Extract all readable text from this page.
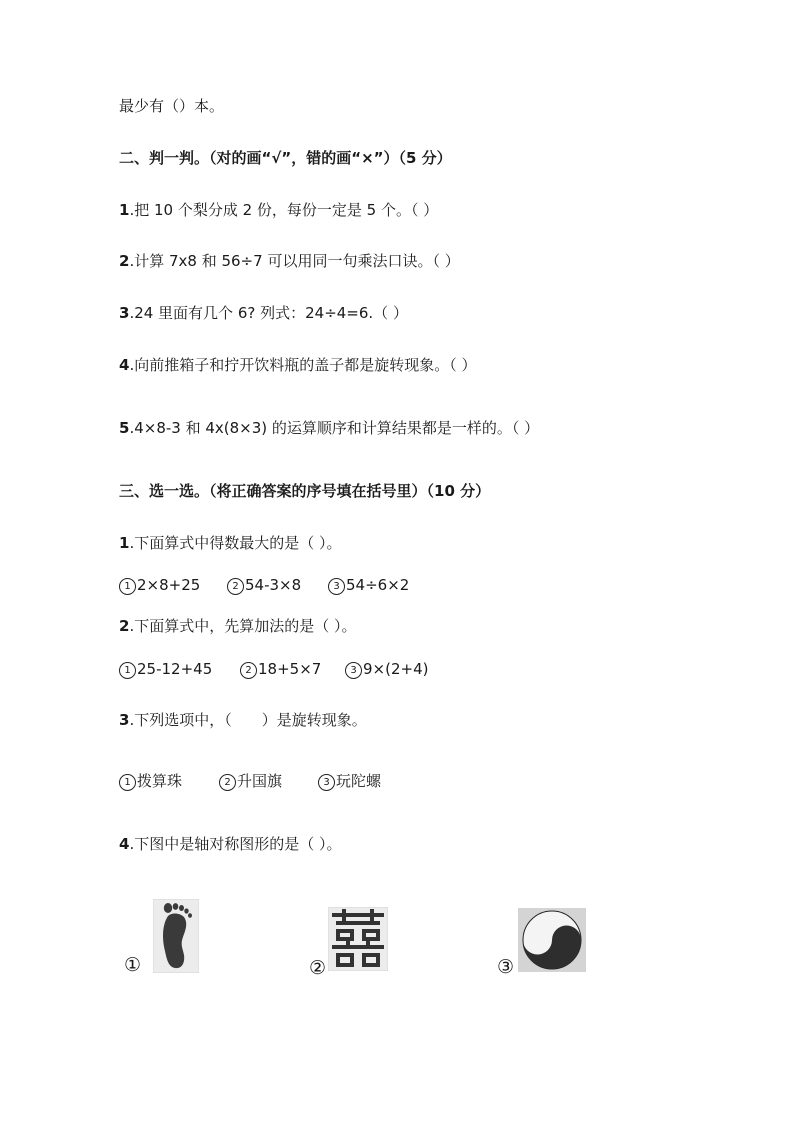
最少有（）本。
二、判一判。（对的画“√”，错的画“×”）（5 分）
1.把 10 个梨分成 2 份，每份一定是 5 个。（ ）
2.计算 7x8 和 56÷7 可以用同一句乘法口诀。（ ）
3.24 里面有几个 6? 列式：24÷4=6.（ ）
4.向前推箱子和拧开饮料瓶的盖子都是旋转现象。（ ）
5.4×8-3 和 4x(8×3) 的运算顺序和计算结果都是一样的。（ ）
三、选一选。（将正确答案的序号填在括号里）（10 分）
1.下面算式中得数最大的是（ ）。
1 2×8+25	2 54-3×8	3 54÷6×2
2.下面算式中，先算加法的是（ ）。
1 25-12+45	2 18+5×7	3 9×(2+4)
3.下列选项中，（　　）是旋转现象。
1 拨算珠	2 升国旗	3 玩陀螺
4.下图中是轴对称图形的是（ ）。
①	②	③
